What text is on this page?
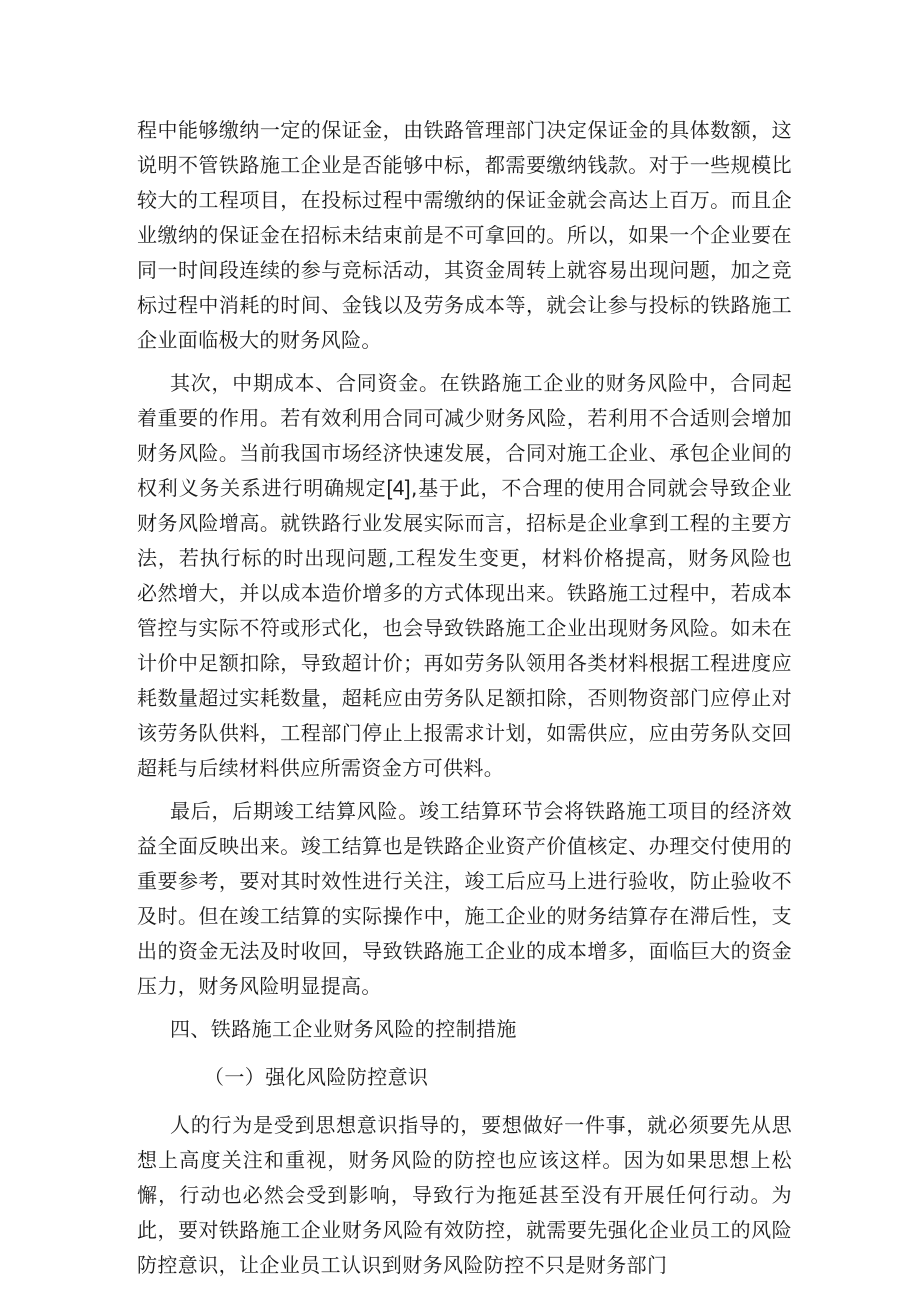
程中能够缴纳一定的保证金，由铁路管理部门决定保证金的具体数额，这说明不管铁路施工企业是否能够中标，都需要缴纳钱款。对于一些规模比较大的工程项目，在投标过程中需缴纳的保证金就会高达上百万。而且企业缴纳的保证金在招标未结束前是不可拿回的。所以，如果一个企业要在同一时间段连续的参与竞标活动，其资金周转上就容易出现问题，加之竞标过程中消耗的时间、金钱以及劳务成本等，就会让参与投标的铁路施工企业面临极大的财务风险。

其次，中期成本、合同资金。在铁路施工企业的财务风险中，合同起着重要的作用。若有效利用合同可减少财务风险，若利用不合适则会增加财务风险。当前我国市场经济快速发展，合同对施工企业、承包企业间的权利义务关系进行明确规定[4],基于此，不合理的使用合同就会导致企业财务风险增高。就铁路行业发展实际而言，招标是企业拿到工程的主要方法，若执行标的时出现问题,工程发生变更，材料价格提高，财务风险也必然增大，并以成本造价增多的方式体现出来。铁路施工过程中，若成本管控与实际不符或形式化，也会导致铁路施工企业出现财务风险。如未在计价中足额扣除，导致超计价；再如劳务队领用各类材料根据工程进度应耗数量超过实耗数量，超耗应由劳务队足额扣除，否则物资部门应停止对该劳务队供料，工程部门停止上报需求计划，如需供应，应由劳务队交回超耗与后续材料供应所需资金方可供料。

最后，后期竣工结算风险。竣工结算环节会将铁路施工项目的经济效益全面反映出来。竣工结算也是铁路企业资产价值核定、办理交付使用的重要参考，要对其时效性进行关注，竣工后应马上进行验收，防止验收不及时。但在竣工结算的实际操作中，施工企业的财务结算存在滞后性，支出的资金无法及时收回，导致铁路施工企业的成本增多，面临巨大的资金压力，财务风险明显提高。

四、铁路施工企业财务风险的控制措施

（一）强化风险防控意识

人的行为是受到思想意识指导的，要想做好一件事，就必须要先从思想上高度关注和重视，财务风险的防控也应该这样。因为如果思想上松懈，行动也必然会受到影响，导致行为拖延甚至没有开展任何行动。为此，要对铁路施工企业财务风险有效防控，就需要先强化企业员工的风险防控意识，让企业员工认识到财务风险防控不只是财务部门
